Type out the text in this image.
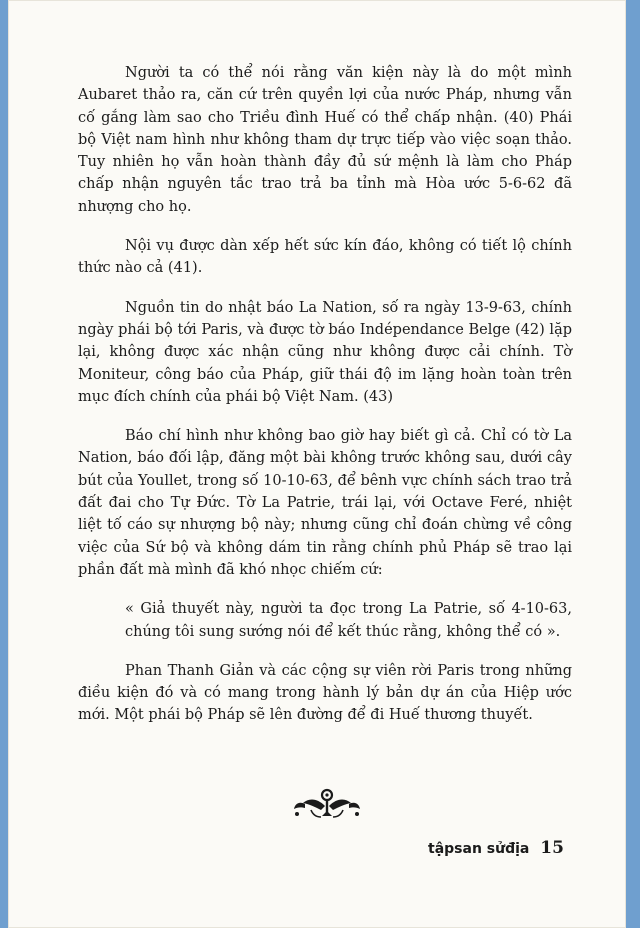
Người ta có thể nói rằng văn kiện này là do một mình Aubaret thảo ra, căn cứ trên quyền lợi của nước Pháp, nhưng vẫn cố gắng làm sao cho Triều đình Huế có thể chấp nhận. (40) Phái bộ Việt nam hình như không tham dự trực tiếp vào việc soạn thảo. Tuy nhiên họ vẫn hoàn thành đầy đủ sứ mệnh là làm cho Pháp chấp nhận nguyên tắc trao trả ba tỉnh mà Hòa ước 5-6-62 đã nhượng cho họ.

Nội vụ được dàn xếp hết sức kín đáo, không có tiết lộ chính thức nào cả (41).

Nguồn tin do nhật báo La Nation, số ra ngày 13-9-63, chính ngày phái bộ tới Paris, và được tờ báo Indépendance Belge (42) lặp lại, không được xác nhận cũng như không được cải chính. Tờ Moniteur, công báo của Pháp, giữ thái độ im lặng hoàn toàn trên mục đích chính của phái bộ Việt Nam. (43)

Báo chí hình như không bao giờ hay biết gì cả. Chỉ có tờ La Nation, báo đối lập, đăng một bài không trước không sau, dưới cây bút của Youllet, trong số 10-10-63, để bênh vực chính sách trao trả đất đai cho Tự Đức. Tờ La Patrie, trái lại, với Octave Feré, nhiệt liệt tố cáo sự nhượng bộ này; nhưng cũng chỉ đoán chừng về công việc của Sứ bộ và không dám tin rằng chính phủ Pháp sẽ trao lại phần đất mà mình đã khó nhọc chiếm cứ:

« Giả thuyết này, người ta đọc trong La Patrie, số 4-10-63, chúng tôi sung sướng nói để kết thúc rằng, không thể có ».

Phan Thanh Giản và các cộng sự viên rời Paris trong những điều kiện đó và có mang trong hành lý bản dự án của Hiệp ước mới. Một phái bộ Pháp sẽ lên đường để đi Huế thương thuyết.

tậpsan sửđịa 15
